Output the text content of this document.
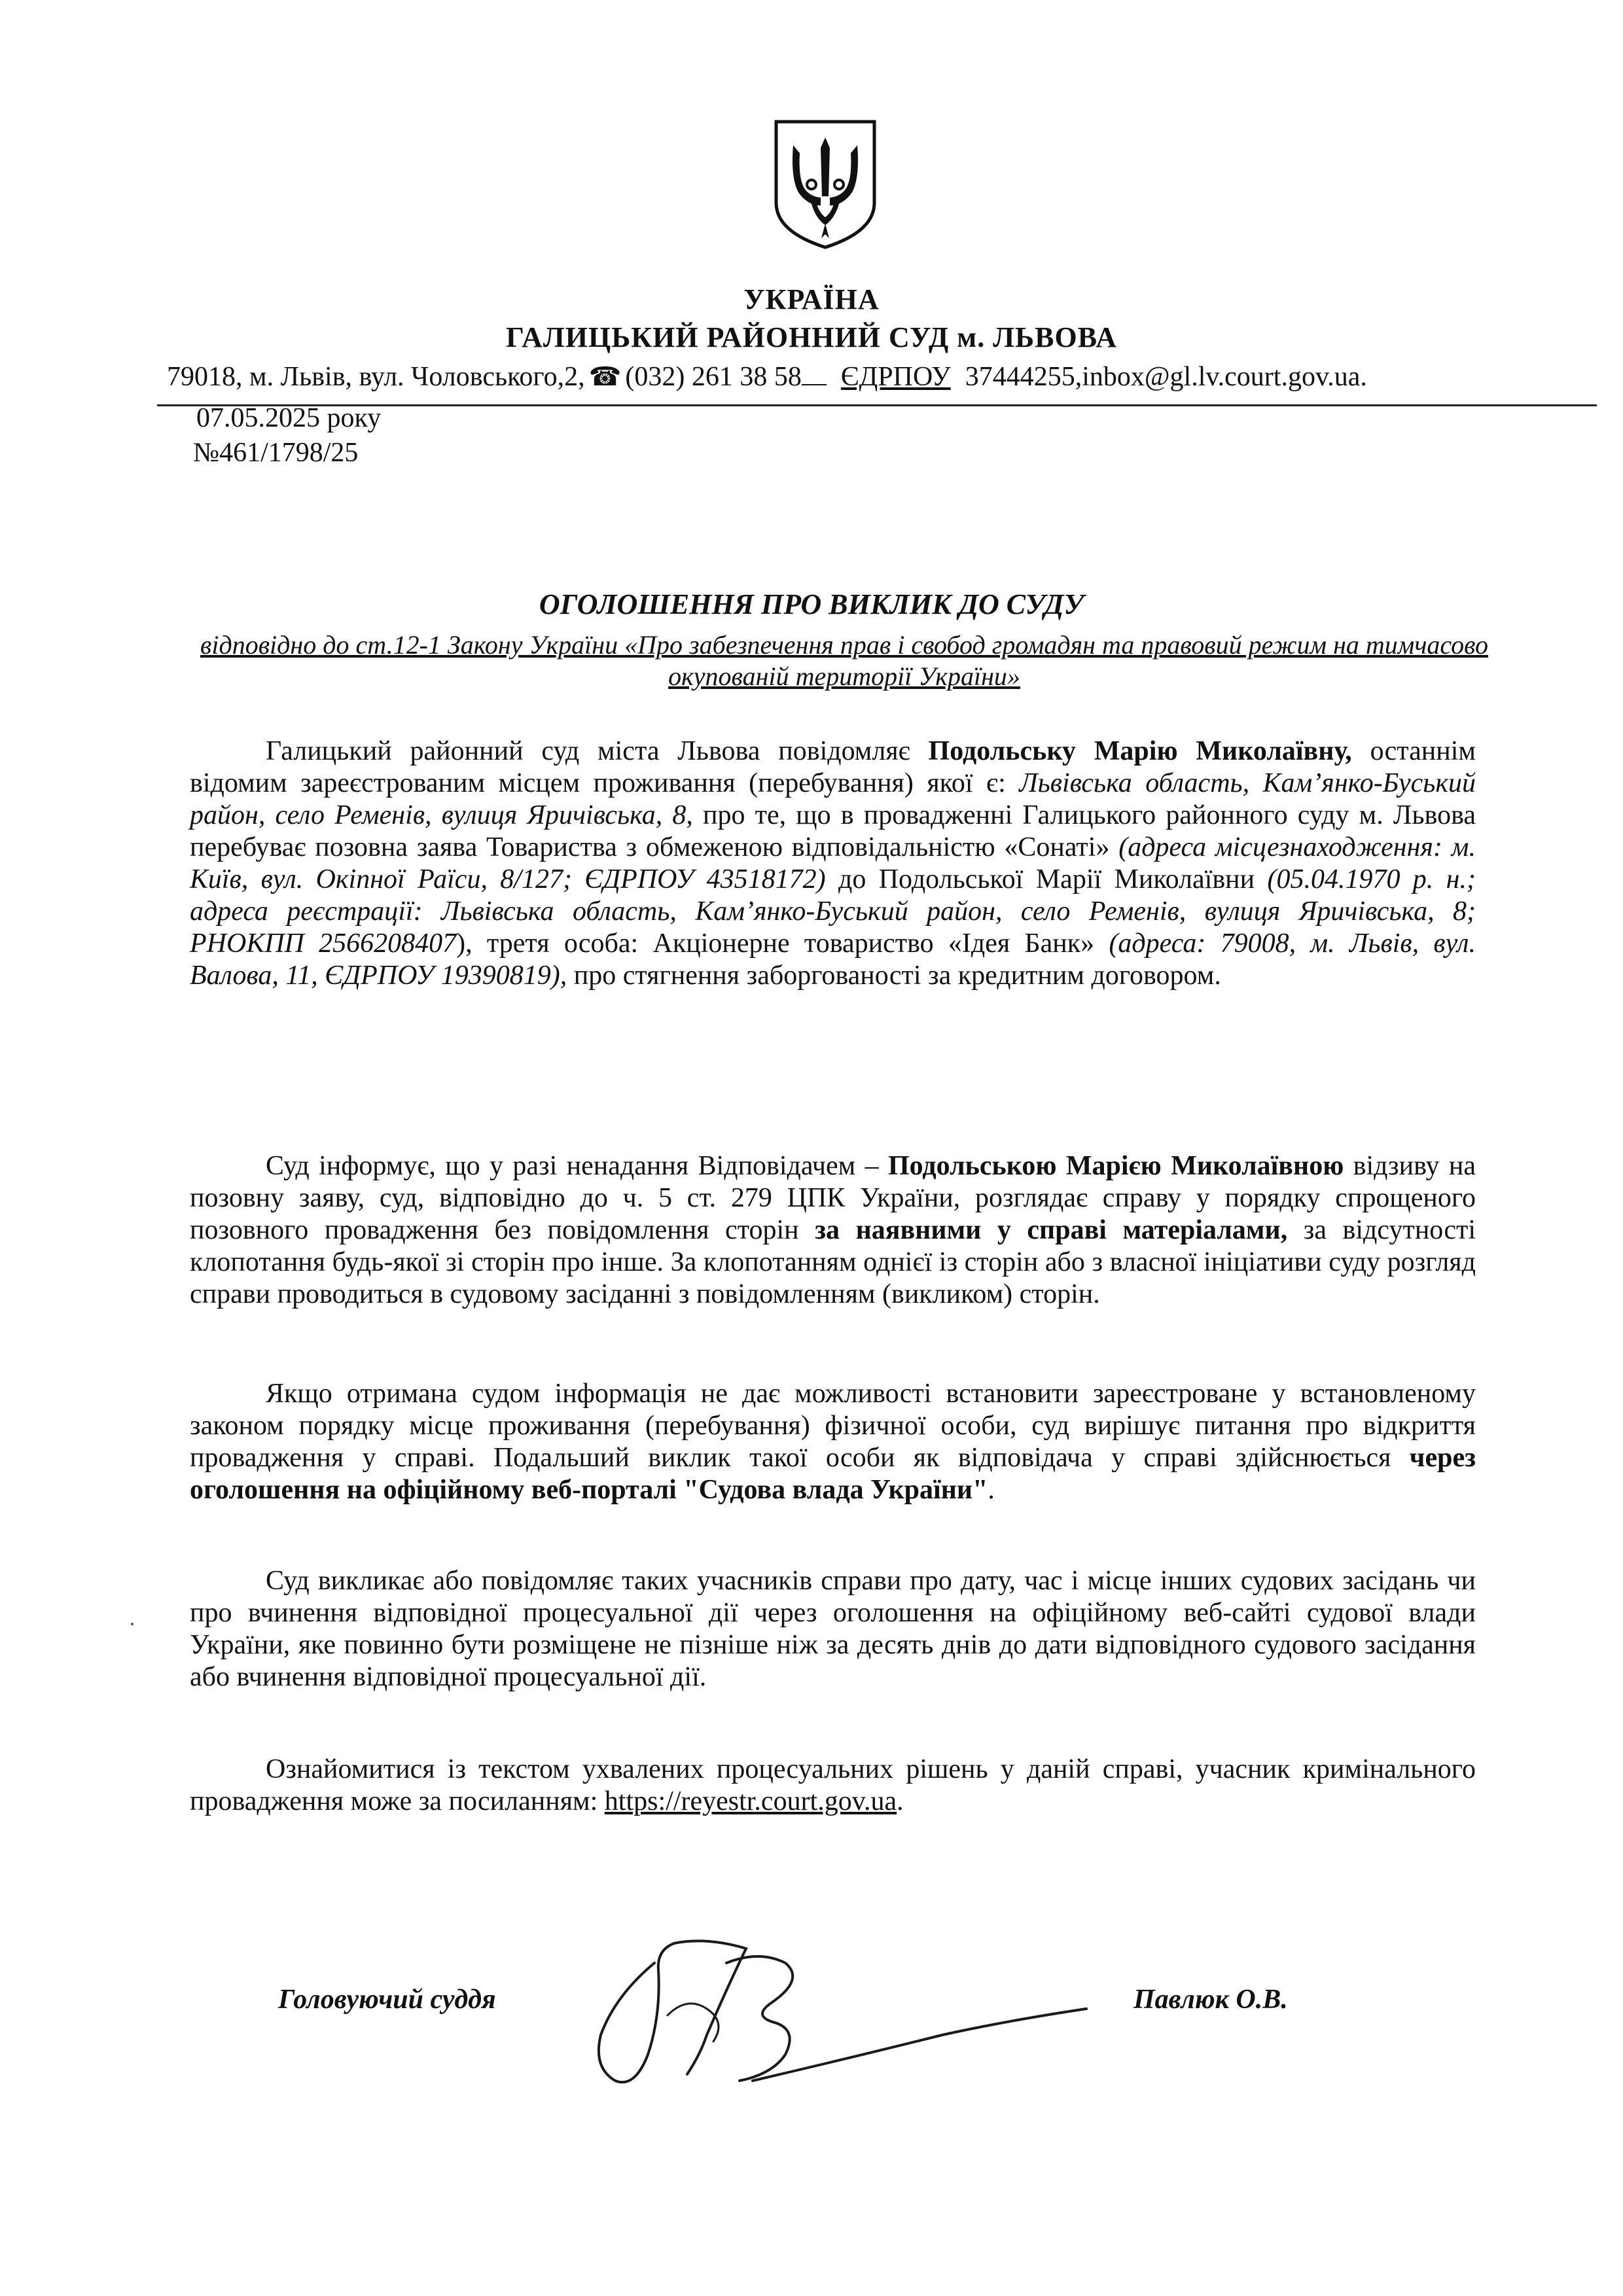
УКРАЇНА
ГАЛИЦЬКИЙ РАЙОННИЙ СУД м. ЛЬВОВА
79018, м. Львів, вул. Чоловського,2, ☎ (032) 261 38 58 ЄДРПОУ 37444255,inbox@gl.lv.court.gov.ua.
07.05.2025 року
№461/1798/25
ОГОЛОШЕННЯ ПРО ВИКЛИК ДО СУДУ
відповідно до ст.12-1 Закону України «Про забезпечення прав і свобод громадян та правовий режим на тимчасово окупованій території України»

Галицький районний суд міста Львова повідомляє Подольську Марію Миколаївну, останнім відомим зареєстрованим місцем проживання (перебування) якої є: Львівська область, Кам’янко-Буський район, село Ременів, вулиця Яричівська, 8, про те, що в провадженні Галицького районного суду м. Львова перебуває позовна заява Товариства з обмеженою відповідальністю «Сонаті» (адреса місцезнаходження: м. Київ, вул. Окіпної Раїси, 8/127; ЄДРПОУ 43518172) до Подольської Марії Миколаївни (05.04.1970 р. н.; адреса реєстрації: Львівська область, Кам’янко-Буський район, село Ременів, вулиця Яричівська, 8; РНОКПП 2566208407), третя особа: Акціонерне товариство «Ідея Банк» (адреса: 79008, м. Львів, вул. Валова, 11, ЄДРПОУ 19390819), про стягнення заборгованості за кредитним договором.

Суд інформує, що у разі ненадання Відповідачем – Подольською Марією Миколаївною відзиву на позовну заяву, суд, відповідно до ч. 5 ст. 279 ЦПК України, розглядає справу у порядку спрощеного позовного провадження без повідомлення сторін за наявними у справі матеріалами, за відсутності клопотання будь-якої зі сторін про інше. За клопотанням однієї із сторін або з власної ініціативи суду розгляд справи проводиться в судовому засіданні з повідомленням (викликом) сторін.

Якщо отримана судом інформація не дає можливості встановити зареєстроване у встановленому законом порядку місце проживання (перебування) фізичної особи, суд вирішує питання про відкриття провадження у справі. Подальший виклик такої особи як відповідача у справі здійснюється через оголошення на офіційному веб-порталі "Судова влада України".

Суд викликає або повідомляє таких учасників справи про дату, час і місце інших судових засідань чи про вчинення відповідної процесуальної дії через оголошення на офіційному веб-сайті судової влади України, яке повинно бути розміщене не пізніше ніж за десять днів до дати відповідного судового засідання або вчинення відповідної процесуальної дії.

Ознайомитися із текстом ухвалених процесуальних рішень у даній справі, учасник кримінального провадження може за посиланням: https://reyestr.court.gov.ua.

Головуючий суддя	Павлюк О.В.
